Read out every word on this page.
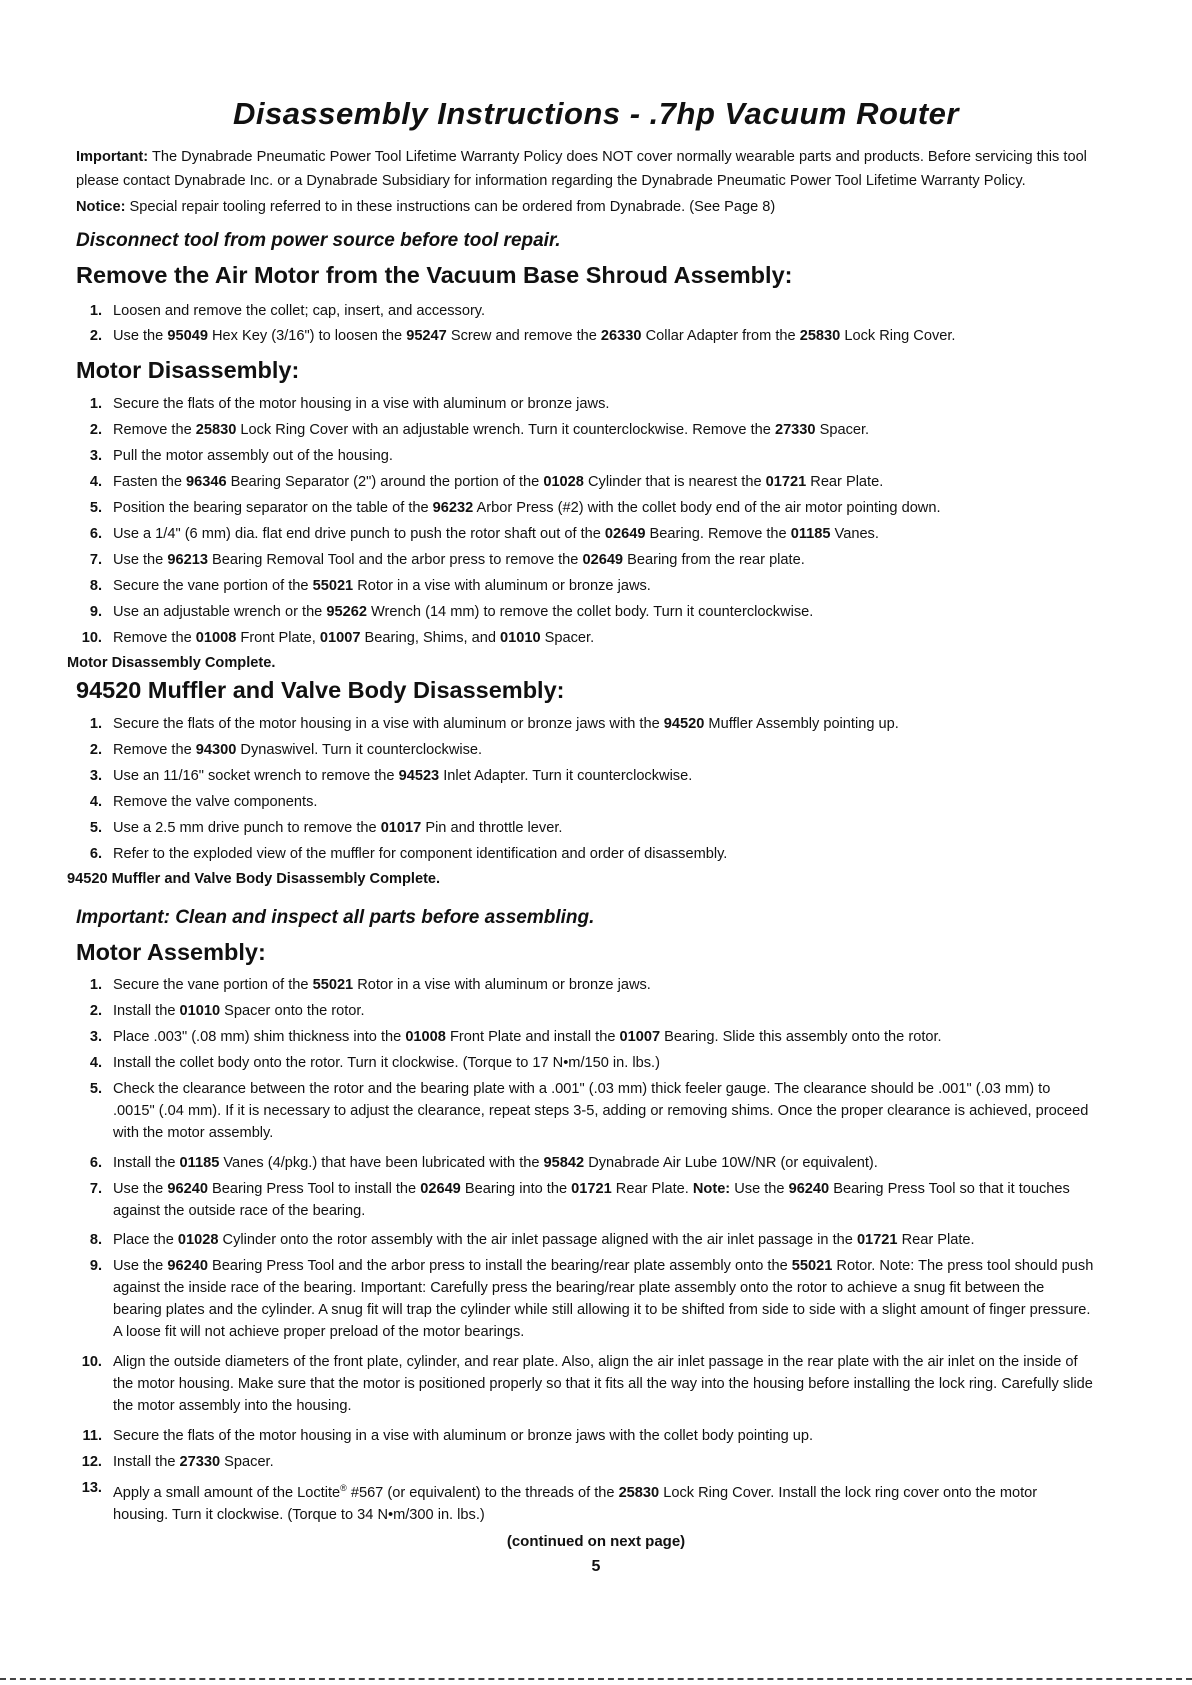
Disassembly Instructions - .7hp Vacuum Router
Important: The Dynabrade Pneumatic Power Tool Lifetime Warranty Policy does NOT cover normally wearable parts and products. Before servicing this tool
please contact Dynabrade Inc. or a Dynabrade Subsidiary for information regarding the Dynabrade Pneumatic Power Tool Lifetime Warranty Policy.
Notice: Special repair tooling referred to in these instructions can be ordered from Dynabrade. (See Page 8)
Disconnect tool from power source before tool repair.
Remove the Air Motor from the Vacuum Base Shroud Assembly:
1. Loosen and remove the collet; cap, insert, and accessory.
2. Use the 95049 Hex Key (3/16") to loosen the 95247 Screw and remove the 26330 Collar Adapter from the 25830 Lock Ring Cover.
Motor Disassembly:
1. Secure the flats of the motor housing in a vise with aluminum or bronze jaws.
2. Remove the 25830 Lock Ring Cover with an adjustable wrench. Turn it counterclockwise. Remove the 27330 Spacer.
3. Pull the motor assembly out of the housing.
4. Fasten the 96346 Bearing Separator (2") around the portion of the 01028 Cylinder that is nearest the 01721 Rear Plate.
5. Position the bearing separator on the table of the 96232 Arbor Press (#2) with the collet body end of the air motor pointing down.
6. Use a 1/4" (6 mm) dia. flat end drive punch to push the rotor shaft out of the 02649 Bearing. Remove the 01185 Vanes.
7. Use the 96213 Bearing Removal Tool and the arbor press to remove the 02649 Bearing from the rear plate.
8. Secure the vane portion of the 55021 Rotor in a vise with aluminum or bronze jaws.
9. Use an adjustable wrench or the 95262 Wrench (14 mm) to remove the collet body. Turn it counterclockwise.
10. Remove the 01008 Front Plate, 01007 Bearing, Shims, and 01010 Spacer.
Motor Disassembly Complete.
94520 Muffler and Valve Body Disassembly:
1. Secure the flats of the motor housing in a vise with aluminum or bronze jaws with the 94520 Muffler Assembly pointing up.
2. Remove the 94300 Dynaswivel. Turn it counterclockwise.
3. Use an 11/16" socket wrench to remove the 94523 Inlet Adapter. Turn it counterclockwise.
4. Remove the valve components.
5. Use a 2.5 mm drive punch to remove the 01017 Pin and throttle lever.
6. Refer to the exploded view of the muffler for component identification and order of disassembly.
94520 Muffler and Valve Body Disassembly Complete.
Important: Clean and inspect all parts before assembling.
Motor Assembly:
1. Secure the vane portion of the 55021 Rotor in a vise with aluminum or bronze jaws.
2. Install the 01010 Spacer onto the rotor.
3. Place .003" (.08 mm) shim thickness into the 01008 Front Plate and install the 01007 Bearing. Slide this assembly onto the rotor.
4. Install the collet body onto the rotor. Turn it clockwise. (Torque to 17 N•m/150 in. lbs.)
5. Check the clearance between the rotor and the bearing plate with a .001" (.03 mm) thick feeler gauge. The clearance should be .001" (.03 mm) to
.0015" (.04 mm). If it is necessary to adjust the clearance, repeat steps 3-5, adding or removing shims. Once the proper clearance is achieved, proceed
with the motor assembly.
6. Install the 01185 Vanes (4/pkg.) that have been lubricated with the 95842 Dynabrade Air Lube 10W/NR (or equivalent).
7. Use the 96240 Bearing Press Tool to install the 02649 Bearing into the 01721 Rear Plate. Note: Use the 96240 Bearing Press Tool so that it touches
against the outside race of the bearing.
8. Place the 01028 Cylinder onto the rotor assembly with the air inlet passage aligned with the air inlet passage in the 01721 Rear Plate.
9. Use the 96240 Bearing Press Tool and the arbor press to install the bearing/rear plate assembly onto the 55021 Rotor. Note: The press tool should push
against the inside race of the bearing. Important: Carefully press the bearing/rear plate assembly onto the rotor to achieve a snug fit between the
bearing plates and the cylinder. A snug fit will trap the cylinder while still allowing it to be shifted from side to side with a slight amount of finger pressure.
A loose fit will not achieve proper preload of the motor bearings.
10. Align the outside diameters of the front plate, cylinder, and rear plate. Also, align the air inlet passage in the rear plate with the air inlet on the inside of
the motor housing. Make sure that the motor is positioned properly so that it fits all the way into the housing before installing the lock ring. Carefully slide
the motor assembly into the housing.
11. Secure the flats of the motor housing in a vise with aluminum or bronze jaws with the collet body pointing up.
12. Install the 27330 Spacer.
13. Apply a small amount of the Loctite® #567 (or equivalent) to the threads of the 25830 Lock Ring Cover. Install the lock ring cover onto the motor
housing. Turn it clockwise. (Torque to 34 N•m/300 in. lbs.)
(continued on next page)
5
